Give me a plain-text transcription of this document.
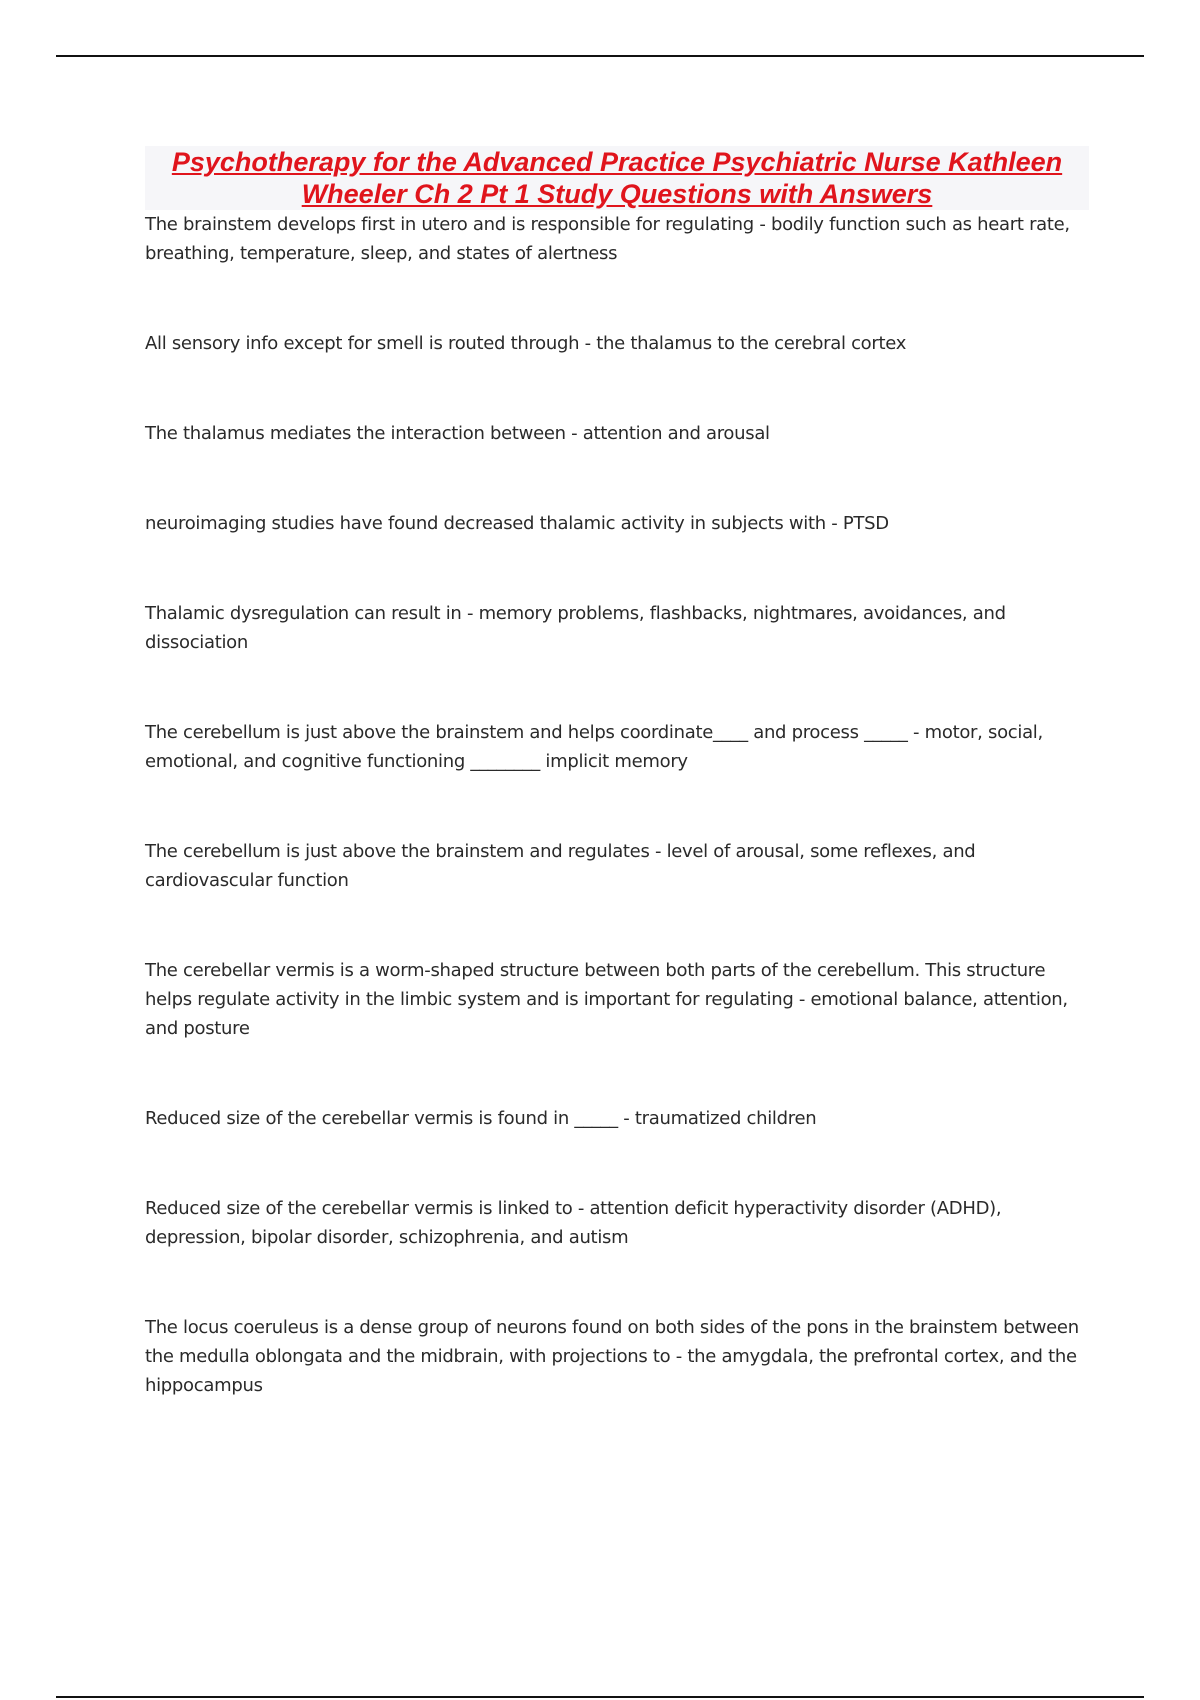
Psychotherapy for the Advanced Practice Psychiatric Nurse Kathleen Wheeler Ch 2 Pt 1 Study Questions with Answers
The brainstem develops first in utero and is responsible for regulating - bodily function such as heart rate, breathing, temperature, sleep, and states of alertness
All sensory info except for smell is routed through - the thalamus to the cerebral cortex
The thalamus mediates the interaction between - attention and arousal
neuroimaging studies have found decreased thalamic activity in subjects with - PTSD
Thalamic dysregulation can result in - memory problems, flashbacks, nightmares, avoidances, and dissociation
The cerebellum is just above the brainstem and helps coordinate____ and process _____ - motor, social, emotional, and cognitive functioning ________ implicit memory
The cerebellum is just above the brainstem and regulates - level of arousal, some reflexes, and cardiovascular function
The cerebellar vermis is a worm-shaped structure between both parts of the cerebellum. This structure helps regulate activity in the limbic system and is important for regulating - emotional balance, attention, and posture
Reduced size of the cerebellar vermis is found in _____ - traumatized children
Reduced size of the cerebellar vermis is linked to - attention deficit hyperactivity disorder (ADHD), depression, bipolar disorder, schizophrenia, and autism
The locus coeruleus is a dense group of neurons found on both sides of the pons in the brainstem between the medulla oblongata and the midbrain, with projections to - the amygdala, the prefrontal cortex, and the hippocampus
